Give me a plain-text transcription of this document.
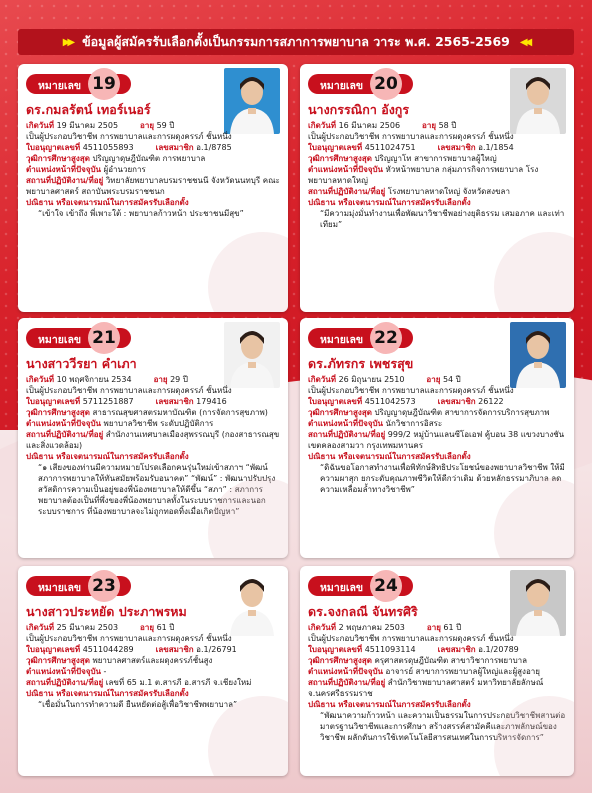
▶▶ ข้อมูลผู้สมัครรับเลือกตั้งเป็นกรรมการสภาการพยาบาล วาระ พ.ศ. 2565-2569 ◀◀
หมายเลข 19
ดร.กมลรัตน์ เทอร์เนอร์
เกิดวันที่ 19 มีนาคม 2505	อายุ 59 ปี
เป็นผู้ประกอบวิชาชีพ การพยาบาลและการผดุงครรภ์ ชั้นหนึ่ง
ใบอนุญาตเลขที่ 4511055893	เลขสมาชิก อ.1/8785
วุฒิการศึกษาสูงสุด ปริญญาดุษฎีบัณฑิต การพยาบาล
ตำแหน่งหน้าที่ปัจจุบัน ผู้อำนวยการ
สถานที่ปฏิบัติงาน/ที่อยู่ วิทยาลัยพยาบาลบรมราชชนนี จังหวัดนนทบุรี คณะพยาบาลศาสตร์ สถาบันพระบรมราชชนก
ปณิธาน หรือเจตนารมณ์ในการสมัครรับเลือกตั้ง
“เข้าใจ เข้าถึง พี่เพาะใต้ : พยาบาลก้าวหน้า ประชาชนมีสุข”
หมายเลข 20
นางกรรณิกา อังกูร
เกิดวันที่ 16 มีนาคม 2506	อายุ 58 ปี
เป็นผู้ประกอบวิชาชีพ การพยาบาลและการผดุงครรภ์ ชั้นหนึ่ง
ใบอนุญาตเลขที่ 4511024751	เลขสมาชิก อ.1/1854
วุฒิการศึกษาสูงสุด ปริญญาโท สาขาการพยาบาลผู้ใหญ่
ตำแหน่งหน้าที่ปัจจุบัน หัวหน้าพยาบาล กลุ่มภารกิจการพยาบาล โรงพยาบาลหาดใหญ่
สถานที่ปฏิบัติงาน/ที่อยู่ โรงพยาบาลหาดใหญ่ จังหวัดสงขลา
ปณิธาน หรือเจตนารมณ์ในการสมัครรับเลือกตั้ง
“มีความมุ่งมั่นทำงานเพื่อพัฒนาวิชาชีพอย่างยุติธรรม เสมอภาค และเท่าเทียม”
หมายเลข 21
นางสาววีรยา คำเภา
เกิดวันที่ 10 พฤศจิกายน 2534	อายุ 29 ปี
เป็นผู้ประกอบวิชาชีพ การพยาบาลและการผดุงครรภ์ ชั้นหนึ่ง
ใบอนุญาตเลขที่ 5711251887	เลขสมาชิก 179416
วุฒิการศึกษาสูงสุด สาธารณสุขศาสตรมหาบัณฑิต (การจัดการสุขภาพ)
ตำแหน่งหน้าที่ปัจจุบัน พยาบาลวิชาชีพ ระดับปฏิบัติการ
สถานที่ปฏิบัติงาน/ที่อยู่ สำนักงานเทศบาลเมืองสุพรรณบุรี (กองสาธารณสุขและสิ่งแวดล้อม)
ปณิธาน หรือเจตนารมณ์ในการสมัครรับเลือกตั้ง
“๑ เสียงของท่านมีความหมายโปรดเลือกคนรุ่นใหม่เข้าสภาฯ “พัฒน์สภาการพยาบาลให้ทันสมัยพร้อมรับอนาคต” “พัฒน์” : พัฒนาปรับปรุงสวัสดิการความเป็นอยู่ของพี่น้องพยาบาลให้ดีขึ้น “สภา” : สภาการพยาบาลต้องเป็นที่พึ่งของพี่น้องพยาบาลทั้งในระบบราชการและนอกระบบราชการ ที่น้องพยาบาลจะไม่ถูกทอดทิ้งเมื่อเกิดปัญหา”
หมายเลข 22
ดร.ภัทรกร เพชรสุข
เกิดวันที่ 26 มิถุนายน 2510	อายุ 54 ปี
เป็นผู้ประกอบวิชาชีพ การพยาบาลและการผดุงครรภ์ ชั้นหนึ่ง
ใบอนุญาตเลขที่ 4511042573	เลขสมาชิก 26122
วุฒิการศึกษาสูงสุด ปริญญาดุษฎีบัณฑิต สาขาการจัดการบริการสุขภาพ
ตำแหน่งหน้าที่ปัจจุบัน นักวิชาการอิสระ
สถานที่ปฏิบัติงาน/ที่อยู่ 999/2 หมู่บ้านแลนซีโอเอฟ คู้บอน 38 แขวงบางชัน เขตคลองสามวา กรุงเทพมหานคร
ปณิธาน หรือเจตนารมณ์ในการสมัครรับเลือกตั้ง
“ดิฉันขอโอกาสทำงานเพื่อพิทักษ์สิทธิประโยชน์ของพยาบาลวิชาชีพ ให้มีความผาสุก ยกระดับคุณภาพชีวิตให้ดีกว่าเดิม ด้วยหลักธรรมาภิบาล ลดความเหลื่อมล้ำทางวิชาชีพ”
หมายเลข 23
นางสาวประหยัด ประภาพรหม
เกิดวันที่ 25 มีนาคม 2503	อายุ 61 ปี
เป็นผู้ประกอบวิชาชีพ การพยาบาลและการผดุงครรภ์ ชั้นหนึ่ง
ใบอนุญาตเลขที่ 4511044289	เลขสมาชิก อ.1/26791
วุฒิการศึกษาสูงสุด พยาบาลศาสตร์และผดุงครรภ์ชั้นสูง
ตำแหน่งหน้าที่ปัจจุบัน -
สถานที่ปฏิบัติงาน/ที่อยู่ เลขที่ 65 ม.1 ต.สารภี อ.สารภี จ.เชียงใหม่
ปณิธาน หรือเจตนารมณ์ในการสมัครรับเลือกตั้ง
“เชื่อมั่นในการทำความดี ยืนหยัดต่อสู้เพื่อวิชาชีพพยาบาล”
หมายเลข 24
ดร.จงกลณี จันทรศิริ
เกิดวันที่ 2 พฤษภาคม 2503	อายุ 61 ปี
เป็นผู้ประกอบวิชาชีพ การพยาบาลและการผดุงครรภ์ ชั้นหนึ่ง
ใบอนุญาตเลขที่ 4511093114	เลขสมาชิก อ.1/20789
วุฒิการศึกษาสูงสุด ครุศาสตรดุษฎีบัณฑิต สาขาวิชาการพยาบาล
ตำแหน่งหน้าที่ปัจจุบัน อาจารย์ สาขาการพยาบาลผู้ใหญ่และผู้สูงอายุ
สถานที่ปฏิบัติงาน/ที่อยู่ สำนักวิชาพยาบาลศาสตร์ มหาวิทยาลัยลักษณ์ จ.นครศรีธรรมราช
ปณิธาน หรือเจตนารมณ์ในการสมัครรับเลือกตั้ง
“พัฒนาความก้าวหน้า และความเป็นธรรมในการประกอบวิชาชีพสานต่อมาตรฐานวิชาชีพและการศึกษา สร้างสรรค์สามัคคีและภาพลักษณ์ของวิชาชีพ ผลักดันการใช้เทคโนโลยีสารสนเทศในการบริหารจัดการ”
